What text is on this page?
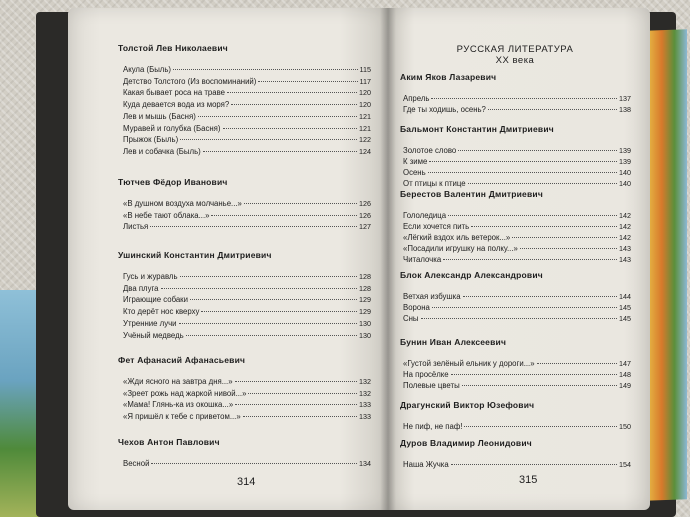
РУССКАЯ ЛИТЕРАТУРА
XX века
314	315
Толстой Лев Николаевич
Акула (Быль)	115
Детство Толстого (Из воспоминаний)	117
Какая бывает роса на траве	120
Куда девается вода из моря?	120
Лев и мышь (Басня)	121
Муравей и голубка (Басня)	121
Прыжок (Быль)	122
Лев и собачка (Быль)	124
Тютчев Фёдор Иванович
«В душном воздуха молчанье...»	126
«В небе тают облака...»	126
Листья	127
Ушинский Константин Дмитриевич
Гусь и журавль	128
Два плуга	128
Играющие собаки	129
Кто дерёт нос кверху	129
Утренние лучи	130
Учёный медведь	130
Фет Афанасий Афанасьевич
«Жди ясного на завтра дня...»	132
«Зреет рожь над жаркой нивой...»	132
«Мама! Глянь-ка из окошка...»	133
«Я пришёл к тебе с приветом...»	133
Чехов Антон Павлович
Весной	134
Аким Яков Лазаревич
Апрель	137
Где ты ходишь, осень?	138
Бальмонт Константин Дмитриевич
Золотое слово	139
К зиме	139
Осень	140
От птицы к птице	140
Берестов Валентин Дмитриевич
Гололедица	142
Если хочется пить	142
«Лёгкий вздох иль ветерок...»	142
«Посадили игрушку на полку...»	143
Читалочка	143
Блок Александр Александрович
Ветхая избушка	144
Ворона	145
Сны	145
Бунин Иван Алексеевич
«Густой зелёный ельник у дороги...»	147
На просёлке	148
Полевые цветы	149
Драгунский Виктор Юзефович
Не пиф, не паф!	150
Дуров Владимир Леонидович
Наша Жучка	154
